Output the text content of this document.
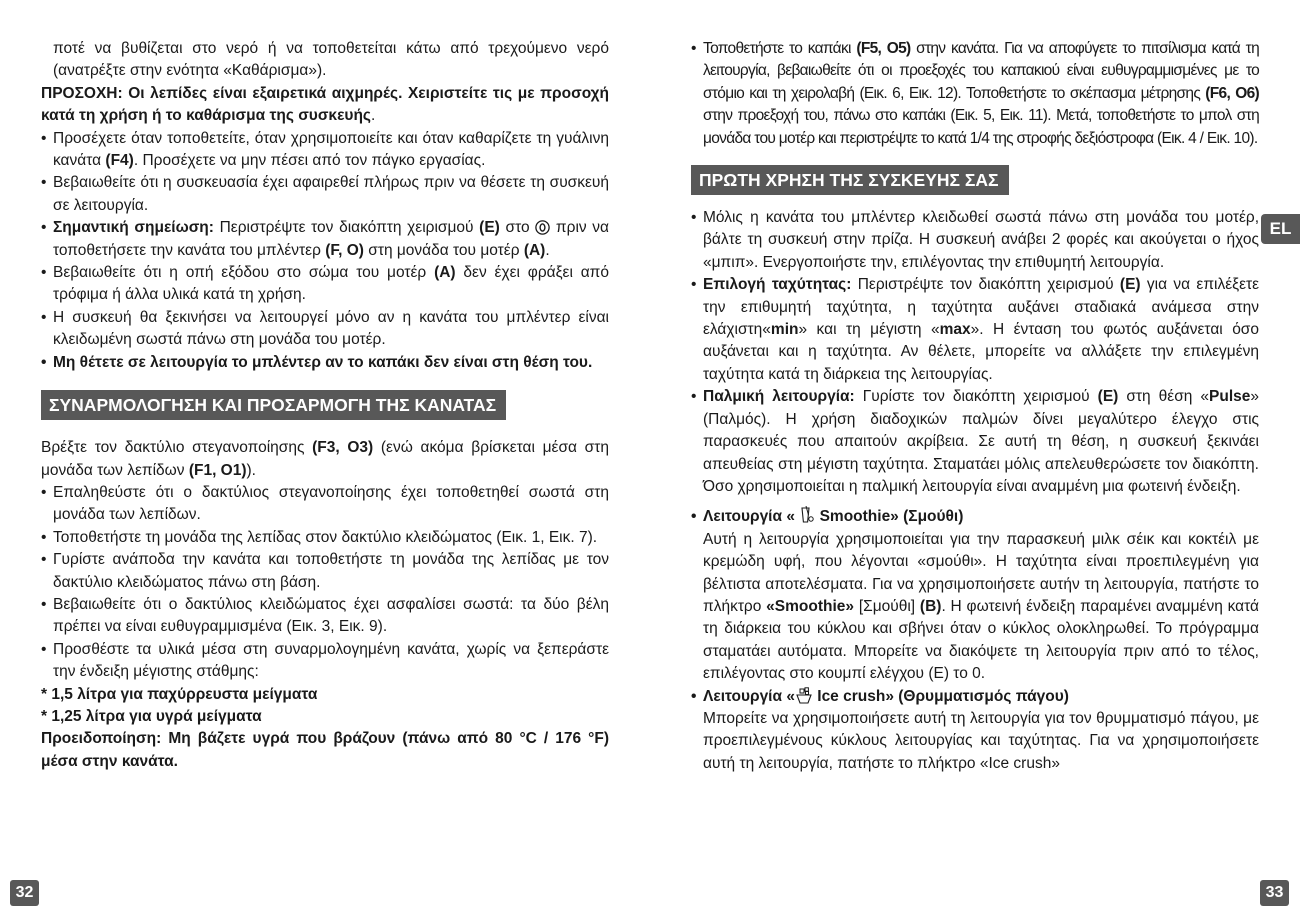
ποτέ να βυθίζεται στο νερό ή να τοποθετείται κάτω από τρεχούμενο νερό (ανατρέξτε στην ενότητα «Καθάρισμα»).

ΠΡΟΣΟΧΗ: Οι λεπίδες είναι εξαιρετικά αιχμηρές. Χειριστείτε τις με προσοχή κατά τη χρήση ή το καθάρισμα της συσκευής.

• Προσέχετε όταν τοποθετείτε, όταν χρησιμοποιείτε και όταν καθαρίζετε τη γυάλινη κανάτα (F4). Προσέχετε να μην πέσει από τον πάγκο εργασίας.
• Βεβαιωθείτε ότι η συσκευασία έχει αφαιρεθεί πλήρως πριν να θέσετε τη συσκευή σε λειτουργία.
• Σημαντική σημείωση: Περιστρέψτε τον διακόπτη χειρισμού (E) στο
πριν να τοποθετήσετε την κανάτα του μπλέντερ (F, O) στη μονάδα του μοτέρ (A).
• Βεβαιωθείτε ότι η οπή εξόδου στο σώμα του μοτέρ (A) δεν έχει φράξει από τρόφιμα ή άλλα υλικά κατά τη χρήση.
• Η συσκευή θα ξεκινήσει να λειτουργεί μόνο αν η κανάτα του μπλέντερ είναι κλειδωμένη σωστά πάνω στη μονάδα του μοτέρ.
• Μη θέτετε σε λειτουργία το μπλέντερ αν το καπάκι δεν είναι στη θέση του.
ΣΥΝΑΡΜΟΛΟΓΗΣΗ ΚΑΙ ΠΡΟΣΑΡΜΟΓΗ ΤΗΣ ΚΑΝΑΤΑΣ

Βρέξτε τον δακτύλιο στεγανοποίησης (F3, O3) (ενώ ακόμα βρίσκεται μέσα στη μονάδα των λεπίδων (F1, O1)).

• Επαληθεύστε ότι ο δακτύλιος στεγανοποίησης έχει τοποθετηθεί σωστά στη μονάδα των λεπίδων.
• Τοποθετήστε τη μονάδα της λεπίδας στον δακτύλιο κλειδώματος (Εικ. 1, Εικ. 7).
• Γυρίστε ανάποδα την κανάτα και τοποθετήστε τη μονάδα της λεπίδας με τον δακτύλιο κλειδώματος πάνω στη βάση.
• Βεβαιωθείτε ότι ο δακτύλιος κλειδώματος έχει ασφαλίσει σωστά: τα δύο βέλη πρέπει να είναι ευθυγραμμισμένα (Εικ. 3, Εικ. 9).
• Προσθέστε τα υλικά μέσα στη συναρμολογημένη κανάτα, χωρίς να ξεπεράστε την ένδειξη μέγιστης στάθμης:

* 1,5 λίτρα για παχύρρευστα μείγματα

* 1,25 λίτρα για υγρά μείγματα

Προειδοποίηση: Μη βάζετε υγρά που βράζουν (πάνω από 80 °C / 176 °F) μέσα στην κανάτα.

• Τοποθετήστε το καπάκι (F5, O5) στην κανάτα. Για να αποφύγετε το πιτσίλισμα κατά τη λειτουργία, βεβαιωθείτε ότι οι προεξοχές του καπακιού είναι ευθυγραμμισμένες με το στόμιο και τη χειρολαβή (Εικ. 6, Εικ. 12). Τοποθετήστε το σκέπασμα μέτρησης (F6, O6) στην προεξοχή του, πάνω στο καπάκι (Εικ. 5, Εικ. 11). Μετά, τοποθετήστε το μπολ στη μονάδα του μοτέρ και περιστρέψτε το κατά 1/4 της στροφής δεξιόστροφα (Εικ. 4 / Εικ. 10).
ΠΡΩΤΗ ΧΡΗΣΗ ΤΗΣ ΣΥΣΚΕΥΗΣ ΣΑΣ
• Μόλις η κανάτα του μπλέντερ κλειδωθεί σωστά πάνω στη μονάδα του μοτέρ, βάλτε τη συσκευή στην πρίζα. Η συσκευή ανάβει 2 φορές και ακούγεται ο ήχος «μπιπ». Ενεργοποιήστε την, επιλέγοντας την επιθυμητή λειτουργία.
• Επιλογή ταχύτητας: Περιστρέψτε τον διακόπτη χειρισμού (E) για να επιλέξετε την επιθυμητή ταχύτητα, η ταχύτητα αυξάνει σταδιακά ανάμεσα στην ελάχιστη«min» και τη μέγιστη «max». Η ένταση του φωτός αυξάνεται όσο αυξάνεται και η ταχύτητα. Αν θέλετε, μπορείτε να αλλάξετε την επιλεγμένη ταχύτητα κατά τη διάρκεια της λειτουργίας.
• Παλμική λειτουργία: Γυρίστε τον διακόπτη χειρισμού (E) στη θέση «Pulse» (Παλμός). Η χρήση διαδοχικών παλμών δίνει μεγαλύτερο έλεγχο στις παρασκευές που απαιτούν ακρίβεια. Σε αυτή τη θέση, η συσκευή ξεκινάει απευθείας στη μέγιστη ταχύτητα. Σταματάει μόλις απελευθερώσετε τον διακόπτη. Όσο χρησιμοποιείται η παλμική λειτουργία είναι αναμμένη μια φωτεινή ένδειξη.
• Λειτουργία «
Smoothie» (Σμούθι)

Αυτή η λειτουργία χρησιμοποιείται για την παρασκευή μιλκ σέικ και κοκτέιλ με κρεμώδη υφή, που λέγονται «σμούθι». Η ταχύτητα είναι προεπιλεγμένη για βέλτιστα αποτελέσματα. Για να χρησιμοποιήσετε αυτήν τη λειτουργία, πατήστε το πλήκτρο «Smoothie» [Σμούθι] (B). Η φωτεινή ένδειξη παραμένει αναμμένη κατά τη διάρκεια του κύκλου και σβήνει όταν ο κύκλος ολοκληρωθεί. Το πρόγραμμα σταματάει αυτόματα. Μπορείτε να διακόψετε τη λειτουργία πριν από το τέλος, επιλέγοντας στο κουμπί ελέγχου (E) το 0.

• Λειτουργία «
Ice crush» (Θρυμματισμός πάγου)

Μπορείτε να χρησιμοποιήσετε αυτή τη λειτουργία για τον θρυμματισμό πάγου, με προεπιλεγμένους κύκλους λειτουργίας και ταχύτητας. Για να χρησιμοποιήσετε αυτή τη λειτουργία, πατήστε το πλήκτρο «Ice crush»

EL
32	33
